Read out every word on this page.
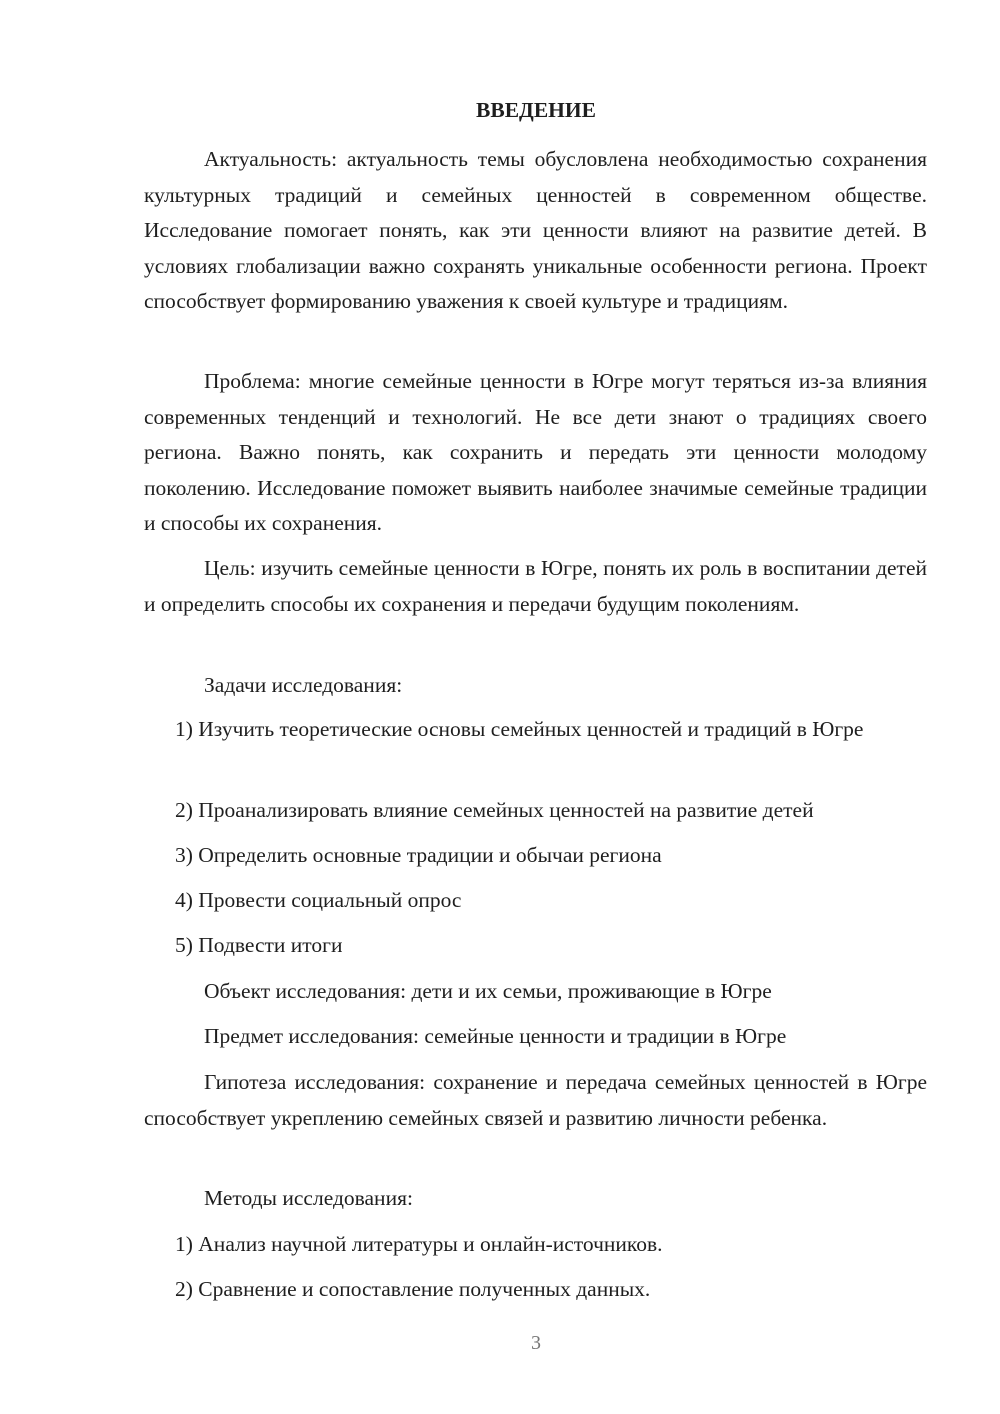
ВВЕДЕНИЕ

Актуальность: актуальность темы обусловлена необходимостью сохранения культурных традиций и семейных ценностей в современном обществе. Исследование помогает понять, как эти ценности влияют на развитие детей. В условиях глобализации важно сохранять уникальные особенности региона. Проект способствует формированию уважения к своей культуре и традициям.

Проблема: многие семейные ценности в Югре могут теряться из-за влияния современных тенденций и технологий. Не все дети знают о традициях своего региона. Важно понять, как сохранить и передать эти ценности молодому поколению. Исследование поможет выявить наиболее значимые семейные традиции и способы их сохранения.

Цель: изучить семейные ценности в Югре, понять их роль в воспитании детей и определить способы их сохранения и передачи будущим поколениям.

Задачи исследования:

1) Изучить теоретические основы семейных ценностей и традиций в Югре

2) Проанализировать влияние семейных ценностей на развитие детей

3) Определить основные традиции и обычаи региона

4) Провести социальный опрос

5) Подвести итоги

Объект исследования: дети и их семьи, проживающие в Югре

Предмет исследования: семейные ценности и традиции в Югре

Гипотеза исследования: сохранение и передача семейных ценностей в Югре способствует укреплению семейных связей и развитию личности ребенка.

Методы исследования:

1) Анализ научной литературы и онлайн-источников.

2) Сравнение и сопоставление полученных данных.

3
